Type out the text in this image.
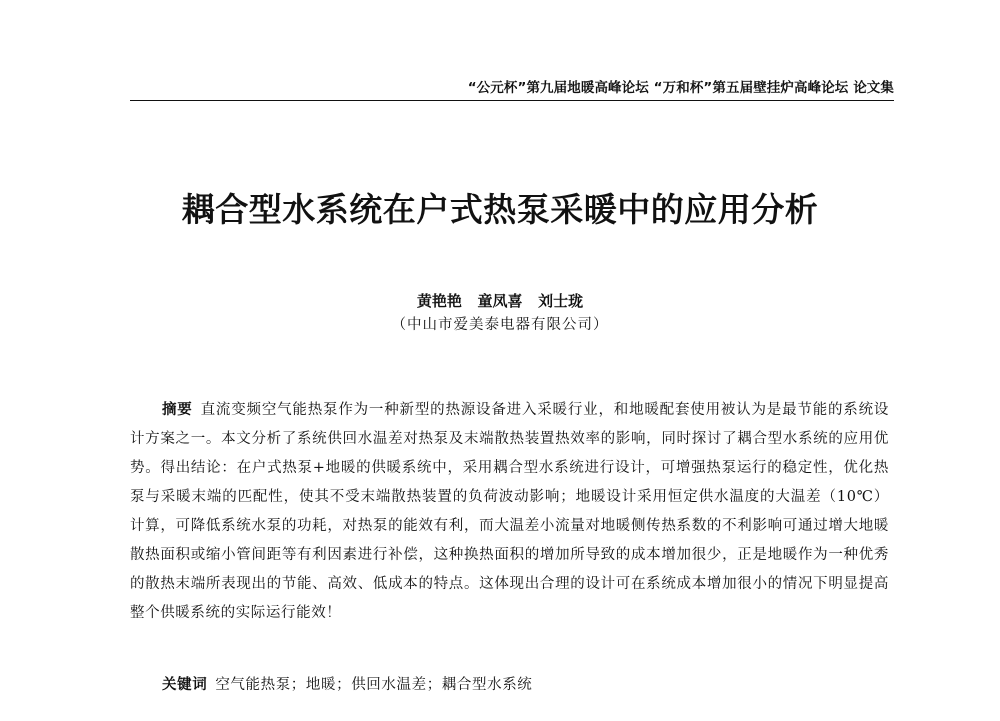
“公元杯”第九届地暖高峰论坛 “万和杯”第五届壁挂炉高峰论坛 论文集
耦合型水系统在户式热泵采暖中的应用分析
黄艳艳   童凤喜   刘士珑
（中山市爱美泰电器有限公司）

摘要 直流变频空气能热泵作为一种新型的热源设备进入采暖行业，和地暖配套使用被认为是最节能的系统设计方案之一。本文分析了系统供回水温差对热泵及末端散热装置热效率的影响，同时探讨了耦合型水系统的应用优势。得出结论：在户式热泵+地暖的供暖系统中，采用耦合型水系统进行设计，可增强热泵运行的稳定性，优化热泵与采暖末端的匹配性，使其不受末端散热装置的负荷波动影响；地暖设计采用恒定供水温度的大温差（10℃）计算，可降低系统水泵的功耗，对热泵的能效有利，而大温差小流量对地暖侧传热系数的不利影响可通过增大地暖散热面积或缩小管间距等有利因素进行补偿，这种换热面积的增加所导致的成本增加很少，正是地暖作为一种优秀的散热末端所表现出的节能、高效、低成本的特点。这体现出合理的设计可在系统成本增加很小的情况下明显提高整个供暖系统的实际运行能效！

关键词 空气能热泵；地暖；供回水温差；耦合型水系统
